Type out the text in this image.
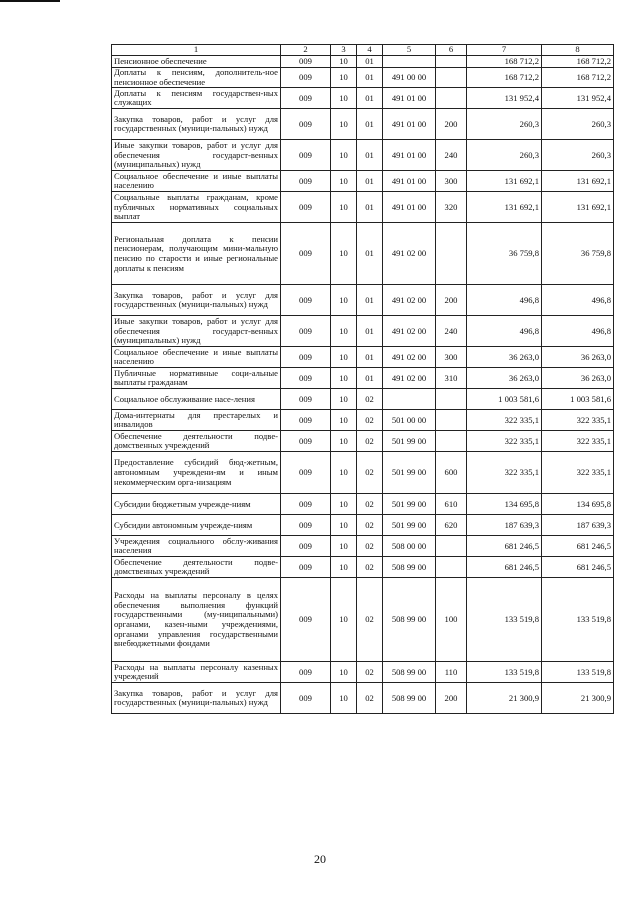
1	2	3	4	5	6	7	8
Пенсионное обеспечение	009	10	01			168 712,2	168 712,2
Доплаты к пенсиям, дополнитель-ное пенсионное обеспечение	009	10	01	491 00 00		168 712,2	168 712,2
Доплаты к пенсиям государствен-ных служащих	009	10	01	491 01 00		131 952,4	131 952,4
Закупка товаров, работ и услуг для государственных (муници-пальных) нужд	009	10	01	491 01 00	200	260,3	260,3
Иные закупки товаров, работ и услуг для обеспечения государст-венных (муниципальных) нужд	009	10	01	491 01 00	240	260,3	260,3
Социальное обеспечение и иные выплаты населению	009	10	01	491 01 00	300	131 692,1	131 692,1
Социальные выплаты гражданам, кроме публичных нормативных социальных выплат	009	10	01	491 01 00	320	131 692,1	131 692,1
Региональная доплата к пенсии пенсионерам, получающим мини-мальную пенсию по старости и иные региональные доплаты к пенсиям	009	10	01	491 02 00		36 759,8	36 759,8
Закупка товаров, работ и услуг для государственных (муници-пальных) нужд	009	10	01	491 02 00	200	496,8	496,8
Иные закупки товаров, работ и услуг для обеспечения государст-венных (муниципальных) нужд	009	10	01	491 02 00	240	496,8	496,8
Социальное обеспечение и иные выплаты населению	009	10	01	491 02 00	300	36 263,0	36 263,0
Публичные нормативные соци-альные выплаты гражданам	009	10	01	491 02 00	310	36 263,0	36 263,0
Социальное обслуживание насе-ления	009	10	02			1 003 581,6	1 003 581,6
Дома-интернаты для престарелых и инвалидов	009	10	02	501 00 00		322 335,1	322 335,1
Обеспечение деятельности подве-домственных учреждений	009	10	02	501 99 00		322 335,1	322 335,1
Предоставление субсидий бюд-жетным, автономным учреждени-ям и иным некоммерческим орга-низациям	009	10	02	501 99 00	600	322 335,1	322 335,1
Субсидии бюджетным учрежде-ниям	009	10	02	501 99 00	610	134 695,8	134 695,8
Субсидии автономным учрежде-ниям	009	10	02	501 99 00	620	187 639,3	187 639,3
Учреждения социального обслу-живания населения	009	10	02	508 00 00		681 246,5	681 246,5
Обеспечение деятельности подве-домственных учреждений	009	10	02	508 99 00		681 246,5	681 246,5
Расходы на выплаты персоналу в целях обеспечения выполнения функций государственными (му-ниципальными) органами, казен-ными учреждениями, органами управления государственными внебюджетными фондами	009	10	02	508 99 00	100	133 519,8	133 519,8
Расходы на выплаты персоналу казенных учреждений	009	10	02	508 99 00	110	133 519,8	133 519,8
Закупка товаров, работ и услуг для государственных (муници-пальных) нужд	009	10	02	508 99 00	200	21 300,9	21 300,9
20
